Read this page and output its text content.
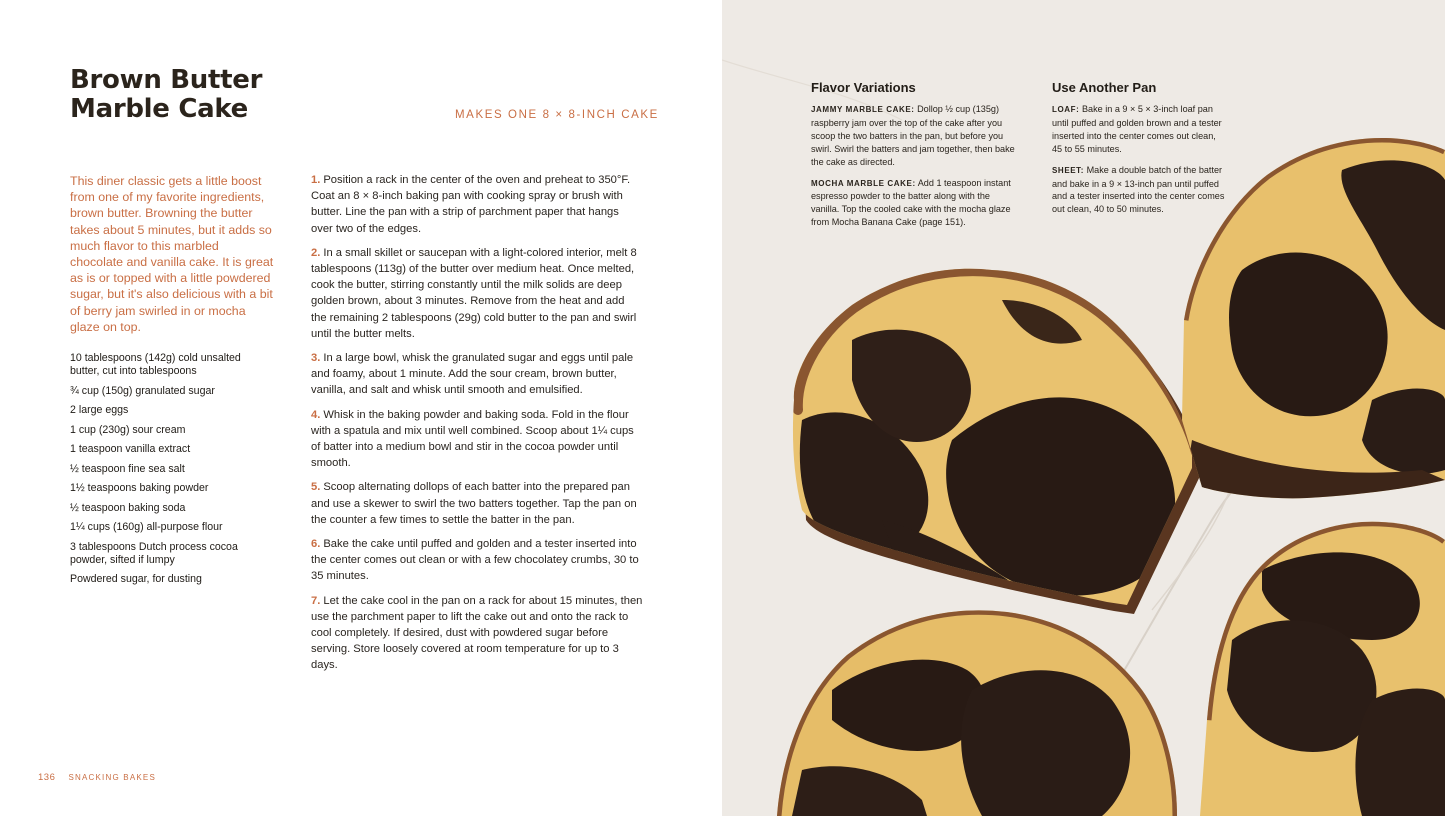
Brown Butter
Marble Cake	MAKES ONE 8 × 8-INCH CAKE

This diner classic gets a little boost from one of my favorite ingredients, brown butter. Browning the butter takes about 5 minutes, but it adds so much flavor to this marbled chocolate and vanilla cake. It is great as is or topped with a little powdered sugar, but it's also delicious with a bit of berry jam swirled in or mocha glaze on top.

10 tablespoons (142g) cold unsalted butter, cut into tablespoons
¾ cup (150g) granulated sugar
2 large eggs
1 cup (230g) sour cream
1 teaspoon vanilla extract
½ teaspoon fine sea salt
1½ teaspoons baking powder
½ teaspoon baking soda
1¼ cups (160g) all-purpose flour
3 tablespoons Dutch process cocoa powder, sifted if lumpy
Powdered sugar, for dusting
1. Position a rack in the center of the oven and preheat to 350°F. Coat an 8 × 8-inch baking pan with cooking spray or brush with butter. Line the pan with a strip of parchment paper that hangs over two of the edges.
2. In a small skillet or saucepan with a light-colored interior, melt 8 tablespoons (113g) of the butter over medium heat. Once melted, cook the butter, stirring constantly until the milk solids are deep golden brown, about 3 minutes. Remove from the heat and add the remaining 2 tablespoons (29g) cold butter to the pan and swirl until the butter melts.
3. In a large bowl, whisk the granulated sugar and eggs until pale and foamy, about 1 minute. Add the sour cream, brown butter, vanilla, and salt and whisk until smooth and emulsified.
4. Whisk in the baking powder and baking soda. Fold in the flour with a spatula and mix until well combined. Scoop about 1¼ cups of batter into a medium bowl and stir in the cocoa powder until smooth.
5. Scoop alternating dollops of each batter into the prepared pan and use a skewer to swirl the two batters together. Tap the pan on the counter a few times to settle the batter in the pan.
6. Bake the cake until puffed and golden and a tester inserted into the center comes out clean or with a few chocolatey crumbs, 30 to 35 minutes.
7. Let the cake cool in the pan on a rack for about 15 minutes, then use the parchment paper to lift the cake out and onto the rack to cool completely. If desired, dust with powdered sugar before serving. Store loosely covered at room temperature for up to 3 days.
136 SNACKING BAKES
Flavor Variations

JAMMY MARBLE CAKE: Dollop ½ cup (135g) raspberry jam over the top of the cake after you scoop the two batters in the pan, but before you swirl. Swirl the batters and jam together, then bake the cake as directed.

MOCHA MARBLE CAKE: Add 1 teaspoon instant espresso powder to the batter along with the vanilla. Top the cooled cake with the mocha glaze from Mocha Banana Cake (page 151).

Use Another Pan

LOAF: Bake in a 9 × 5 × 3-inch loaf pan until puffed and golden brown and a tester inserted into the center comes out clean, 45 to 55 minutes.

SHEET: Make a double batch of the batter and bake in a 9 × 13-inch pan until puffed and a tester inserted into the center comes out clean, 40 to 50 minutes.
